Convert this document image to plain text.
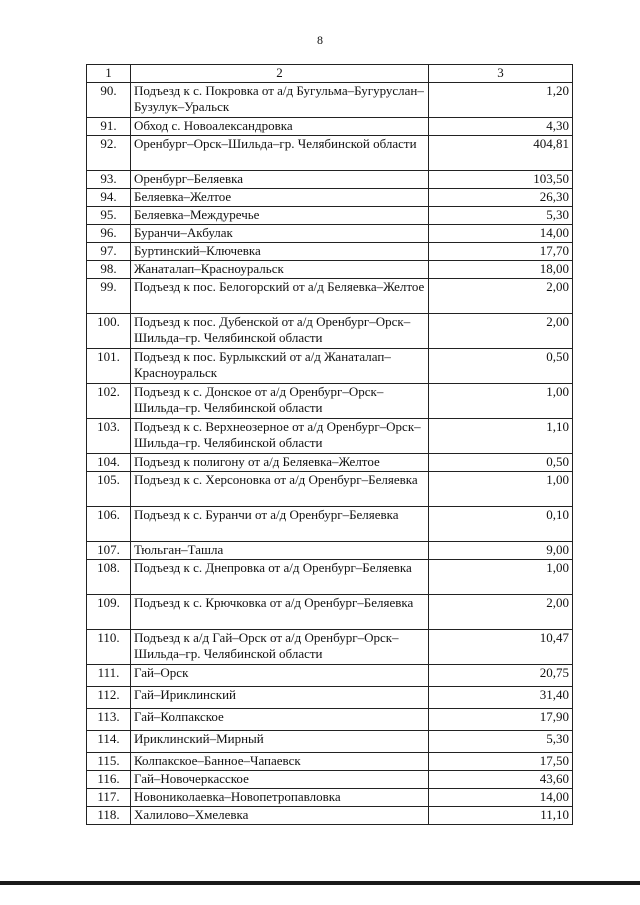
8
1	2	3
90.	Подъезд к с. Покровка от а/д Бугульма–Бугуруслан–Бузулук–Уральск	1,20
91.	Обход с. Новоалександровка	4,30
92.	Оренбург–Орск–Шильда–гр. Челябинской области	404,81
93.	Оренбург–Беляевка	103,50
94.	Беляевка–Желтое	26,30
95.	Беляевка–Междуречье	5,30
96.	Буранчи–Акбулак	14,00
97.	Буртинский–Ключевка	17,70
98.	Жанаталап–Красноуральск	18,00
99.	Подъезд к пос. Белогорский от а/д Беляевка–Желтое	2,00
100.	Подъезд к пос. Дубенской от а/д Оренбург–Орск–Шильда–гр. Челябинской области	2,00
101.	Подъезд к пос. Бурлыкский от а/д Жанаталап–Красноуральск	0,50
102.	Подъезд к с. Донское от а/д Оренбург–Орск–Шильда–гр. Челябинской области	1,00
103.	Подъезд к с. Верхнеозерное от а/д Оренбург–Орск–Шильда–гр. Челябинской области	1,10
104.	Подъезд к полигону от а/д Беляевка–Желтое	0,50
105.	Подъезд к с. Херсоновка от а/д Оренбург–Беляевка	1,00
106.	Подъезд к с. Буранчи от а/д Оренбург–Беляевка	0,10
107.	Тюльган–Ташла	9,00
108.	Подъезд к с. Днепровка от а/д Оренбург–Беляевка	1,00
109.	Подъезд к с. Крючковка от а/д Оренбург–Беляевка	2,00
110.	Подъезд к а/д Гай–Орск от а/д Оренбург–Орск–Шильда–гр. Челябинской области	10,47
111.	Гай–Орск	20,75
112.	Гай–Ириклинский	31,40
113.	Гай–Колпакское	17,90
114.	Ириклинский–Мирный	5,30
115.	Колпакское–Банное–Чапаевск	17,50
116.	Гай–Новочеркасское	43,60
117.	Новониколаевка–Новопетропавловка	14,00
118.	Халилово–Хмелевка	11,10
